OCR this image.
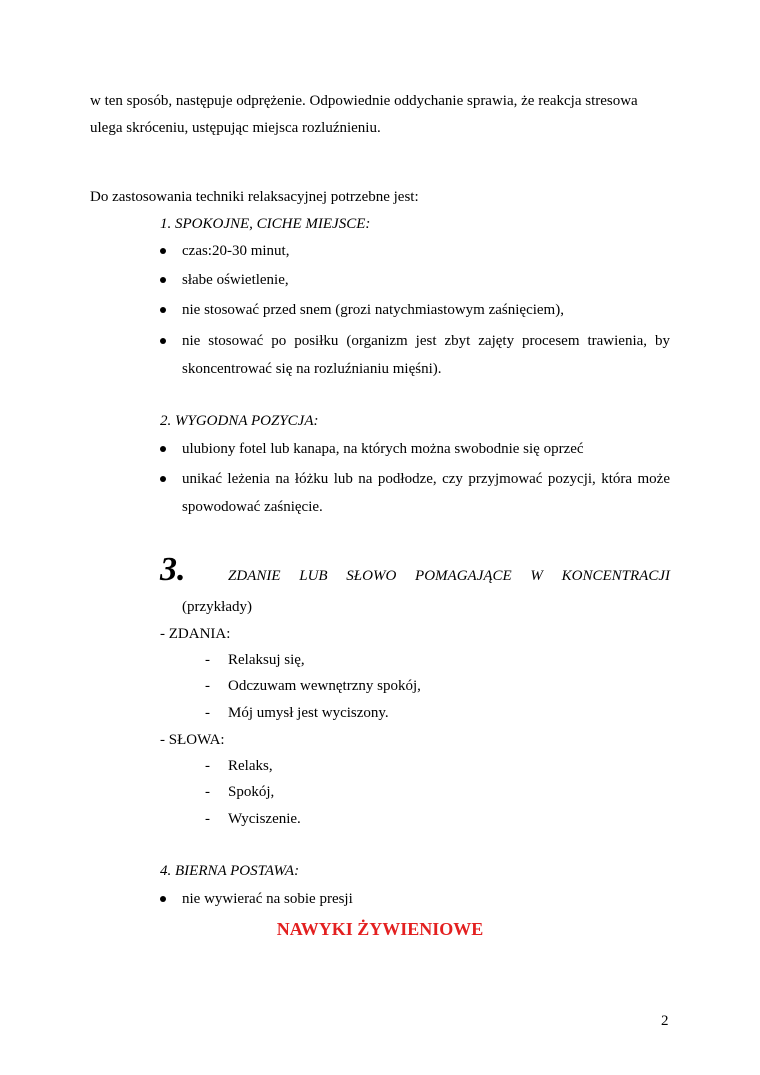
w ten sposób, następuje odprężenie. Odpowiednie oddychanie sprawia, że reakcja stresowa
ulega skróceniu, ustępując miejsca rozluźnieniu.
Do zastosowania techniki relaksacyjnej potrzebne jest:
1. SPOKOJNE, CICHE MIEJSCE:
czas:20-30 minut,
słabe oświetlenie,
nie stosować przed snem (grozi natychmiastowym zaśnięciem),
nie stosować po posiłku (organizm jest zbyt zajęty procesem trawienia, by
skoncentrować się na rozluźnianiu mięśni).
2. WYGODNA POZYCJA:
ulubiony fotel lub kanapa, na których można swobodnie się oprzeć
unikać leżenia na łóżku lub na podłodze, czy przyjmować pozycji, która może
spowodować zaśnięcie.
3.	ZDANIE LUB SŁOWO POMAGAJĄCE W KONCENTRACJI
(przykłady)
- ZDANIA:
- Relaksuj się,
- Odczuwam wewnętrzny spokój,
- Mój umysł jest wyciszony.
- SŁOWA:
- Relaks,
- Spokój,
- Wyciszenie.
4. BIERNA POSTAWA:
nie wywierać na sobie presji
NAWYKI ŻYWIENIOWE
2
